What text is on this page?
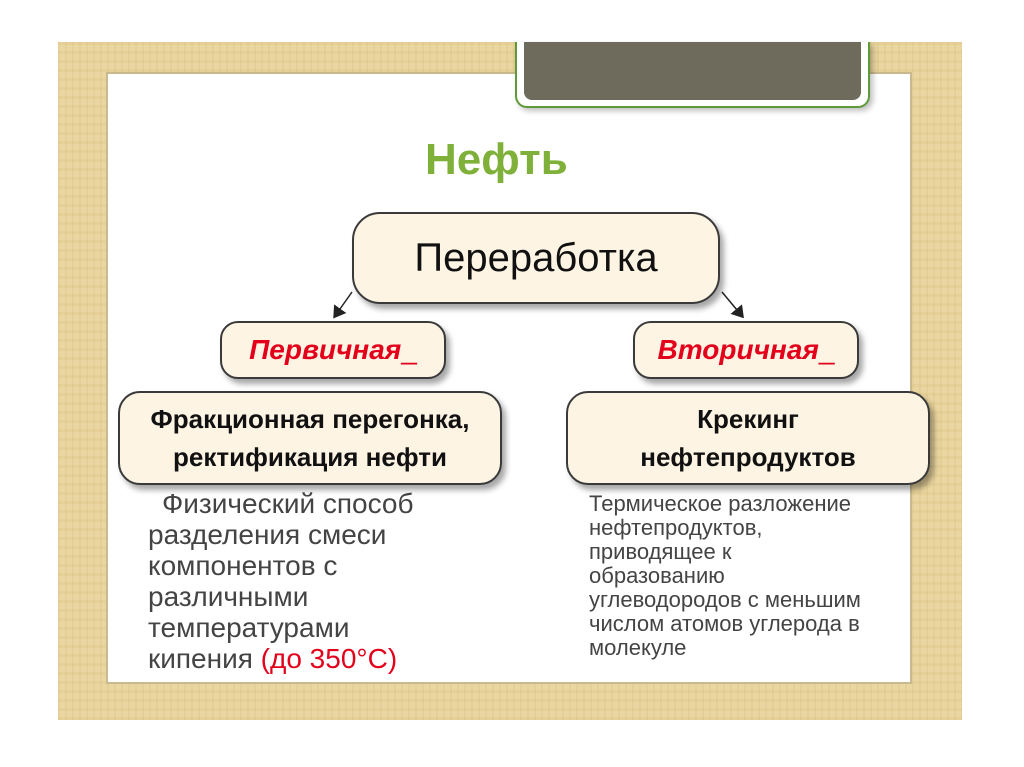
Нефть
Переработка
Первичная_	Вторичная_
Фракционная перегонка,
ректификация нефти
Крекинг
нефтепродуктов
Физический способ
разделения смеси
компонентов с
различными
температурами
кипения (до 350°С)
Термическое разложение
нефтепродуктов,
приводящее к
образованию
углеводородов с меньшим
числом атомов углерода в
молекуле
